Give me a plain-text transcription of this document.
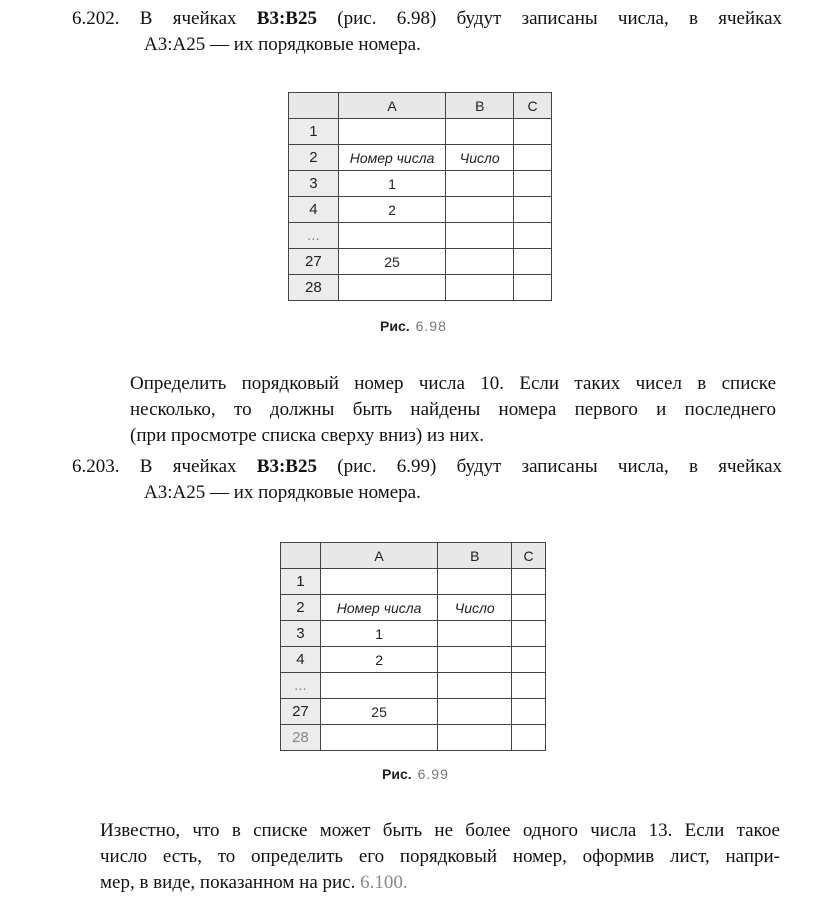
6.202. В ячейках B3:B25 (рис. 6.98) будут записаны числа, в ячейках
А3:А25 — их порядковые номера.
	A	B	C
1			
2	Номер числа	Число	
3	1		
4	2		
...			
27	25		
28			
Рис. 6.98
Определить порядковый номер числа 10. Если таких чисел в списке
несколько, то должны быть найдены номера первого и последнего
(при просмотре списка сверху вниз) из них.
6.203. В ячейках B3:B25 (рис. 6.99) будут записаны числа, в ячейках
А3:А25 — их порядковые номера.
	A	B	C
1			
2	Номер числа	Число	
3	1		
4	2		
...			
27	25		
28			
Рис. 6.99
Известно, что в списке может быть не более одного числа 13. Если такое
число есть, то определить его порядковый номер, оформив лист, напри-
мер, в виде, показанном на рис. 6.100.
